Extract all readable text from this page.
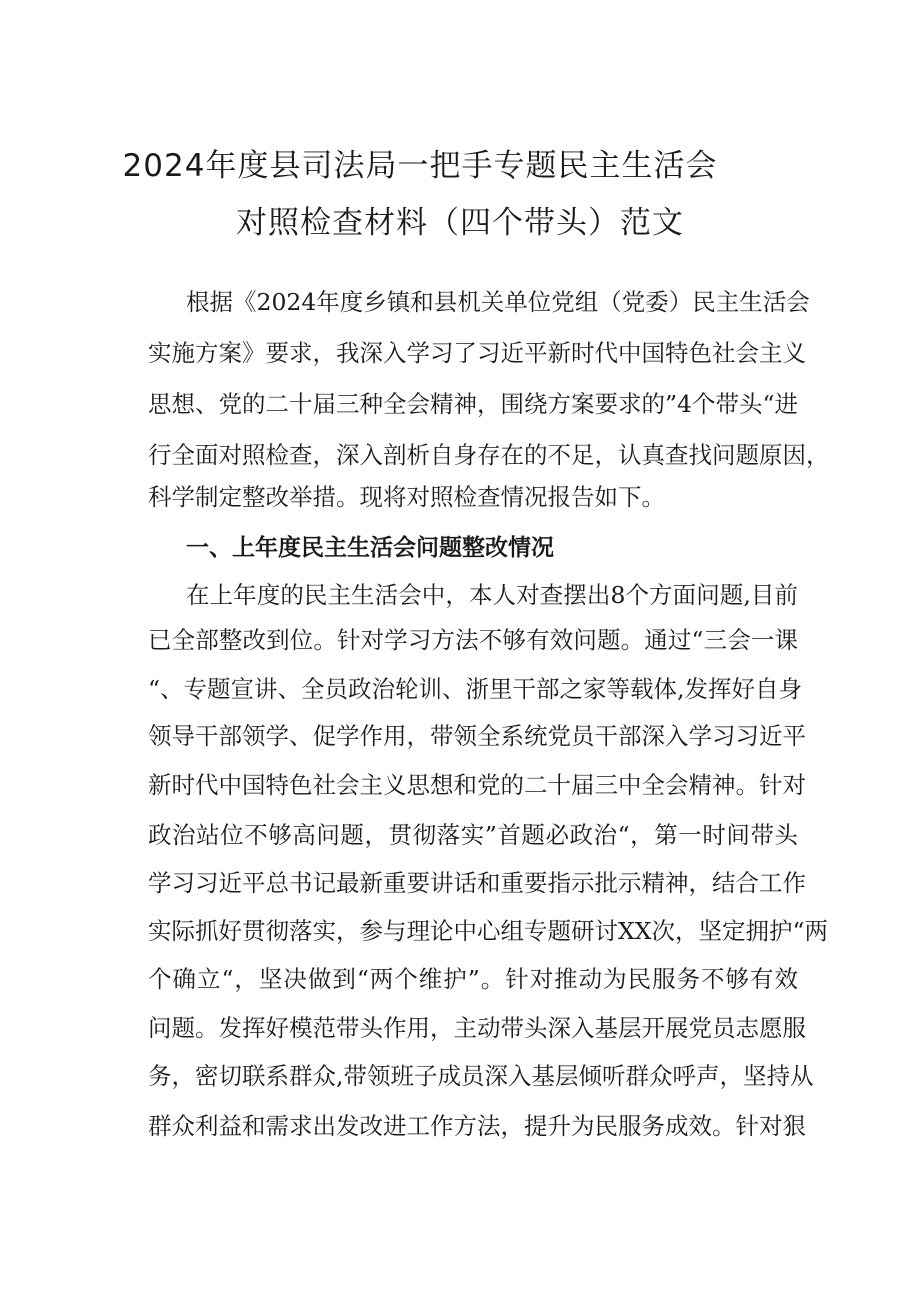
2024年度县司法局一把手专题民主生活会
对照检查材料（四个带头）范文

根据《2024年度乡镇和县机关单位党组（党委）民主生活会

实施方案》要求，我深入学习了习近平新时代中国特色社会主义

思想、党的二十届三种全会精神，围绕方案要求的”4个带头“进

行全面对照检查，深入剖析自身存在的不足，认真查找问题原因，

科学制定整改举措。现将对照检查情况报告如下。

一、上年度民主生活会问题整改情况

在上年度的民主生活会中，本人对查摆出8个方面问题,目前

已全部整改到位。针对学习方法不够有效问题。通过“三会一课

“、专题宣讲、全员政治轮训、浙里干部之家等载体,发挥好自身

领导干部领学、促学作用，带领全系统党员干部深入学习习近平

新时代中国特色社会主义思想和党的二十届三中全会精神。针对

政治站位不够高问题，贯彻落实”首题必政治“，第一时间带头

学习习近平总书记最新重要讲话和重要指示批示精神，结合工作

实际抓好贯彻落实，参与理论中心组专题研讨XX次，坚定拥护“两

个确立“，坚决做到“两个维护”。针对推动为民服务不够有效

问题。发挥好模范带头作用，主动带头深入基层开展党员志愿服

务，密切联系群众,带领班子成员深入基层倾听群众呼声，坚持从

群众利益和需求出发改进工作方法，提升为民服务成效。针对狠
